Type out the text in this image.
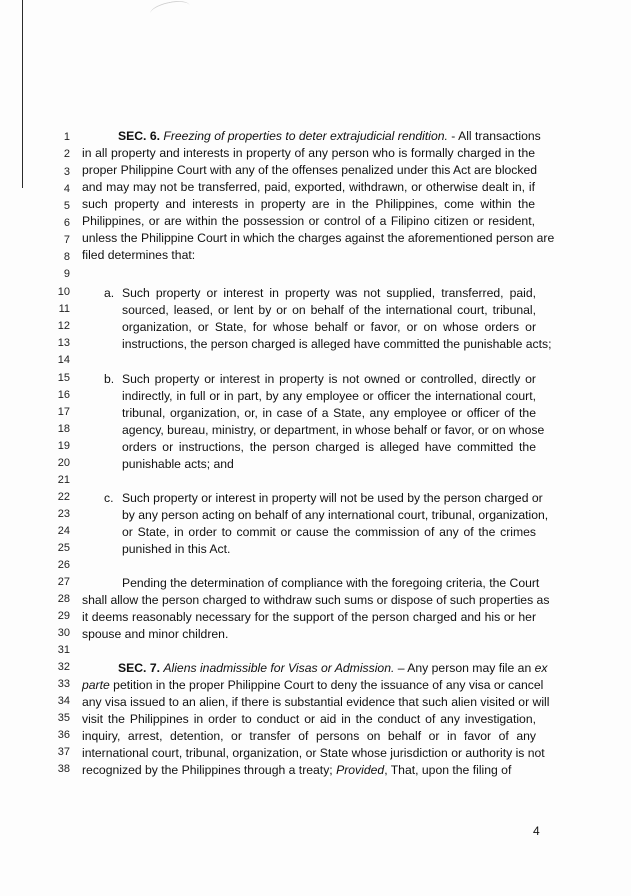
1
2
3
4
5
6
7
8
9
10
11
12
13
14
15
16
17
18
19
20
21
22
23
24
25
26
27
28
29
30
31
32
33
34
35
36
37
38
SEC. 6. Freezing of properties to deter extrajudicial rendition. - All transactions
in all property and interests in property of any person who is formally charged in the
proper Philippine Court with any of the offenses penalized under this Act are blocked
and may may not be transferred, paid, exported, withdrawn, or otherwise dealt in, if
such property and interests in property are in the Philippines, come within the
Philippines, or are within the possession or control of a Filipino citizen or resident,
unless the Philippine Court in which the charges against the aforementioned person are
filed determines that:
a. Such property or interest in property was not supplied, transferred, paid,
sourced, leased, or lent by or on behalf of the international court, tribunal,
organization, or State, for whose behalf or favor, or on whose orders or
instructions, the person charged is alleged have committed the punishable acts;
b. Such property or interest in property is not owned or controlled, directly or
indirectly, in full or in part, by any employee or officer the international court,
tribunal, organization, or, in case of a State, any employee or officer of the
agency, bureau, ministry, or department, in whose behalf or favor, or on whose
orders or instructions, the person charged is alleged have committed the
punishable acts; and
c. Such property or interest in property will not be used by the person charged or
by any person acting on behalf of any international court, tribunal, organization,
or State, in order to commit or cause the commission of any of the crimes
punished in this Act.
Pending the determination of compliance with the foregoing criteria, the Court
shall allow the person charged to withdraw such sums or dispose of such properties as
it deems reasonably necessary for the support of the person charged and his or her
spouse and minor children.
SEC. 7. Aliens inadmissible for Visas or Admission. – Any person may file an ex
parte petition in the proper Philippine Court to deny the issuance of any visa or cancel
any visa issued to an alien, if there is substantial evidence that such alien visited or will
visit the Philippines in order to conduct or aid in the conduct of any investigation,
inquiry, arrest, detention, or transfer of persons on behalf or in favor of any
international court, tribunal, organization, or State whose jurisdiction or authority is not
recognized by the Philippines through a treaty; Provided, That, upon the filing of
4
